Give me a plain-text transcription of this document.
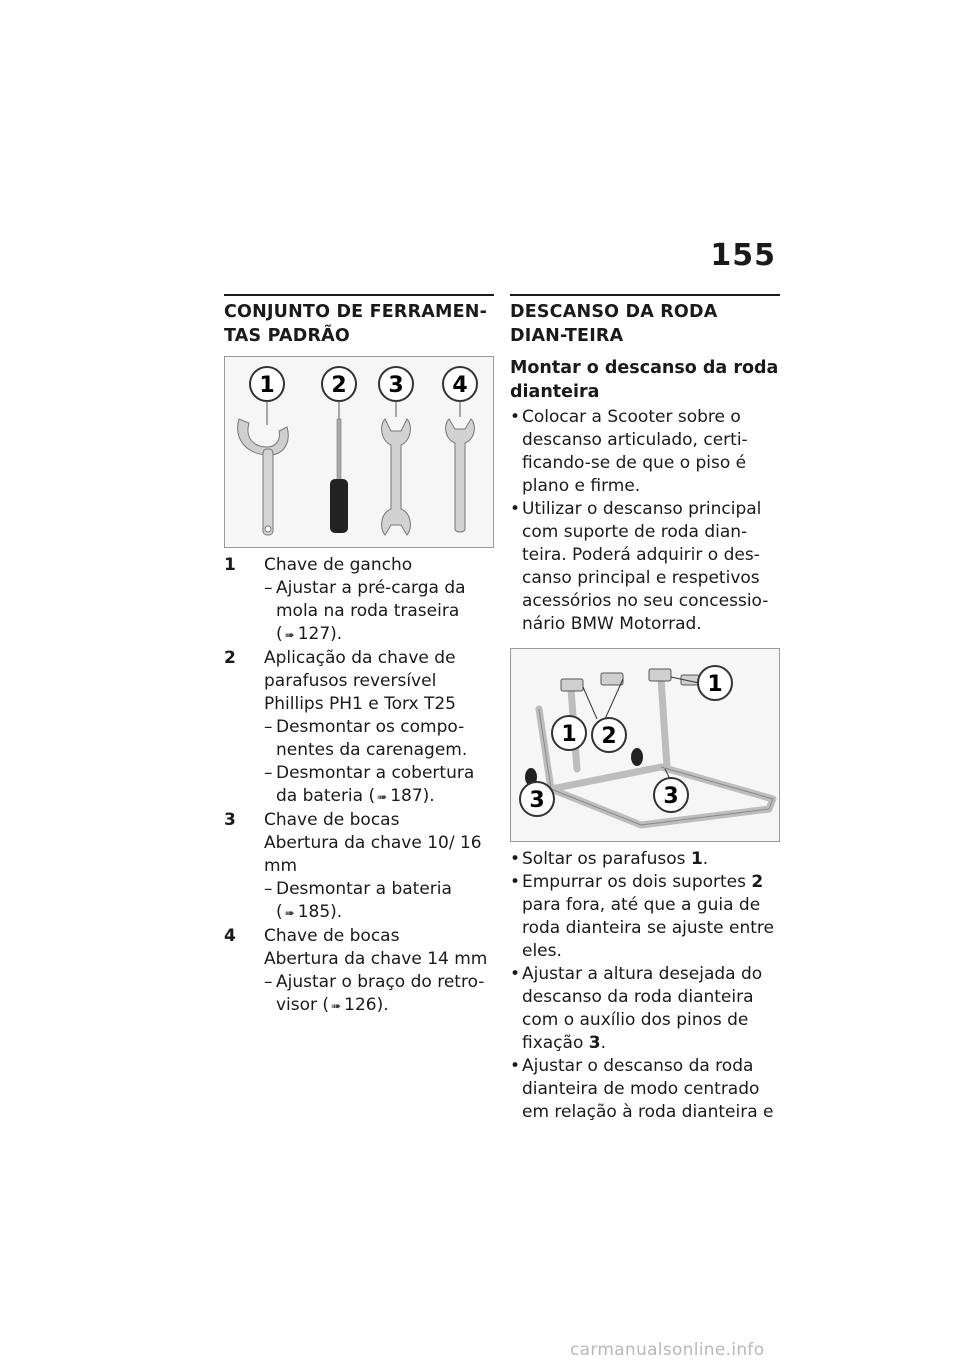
155
CONJUNTO DE FERRAMEN-TAS PADRÃO
1	2 3 4
1	Chave de gancho
– Ajustar a pré-carga da mola na roda traseira
( ➠ 127).
2	Aplicação da chave de parafusos reversível Phillips PH1 e Torx T25
– Desmontar os compo-nentes da carenagem.
– Desmontar a cobertura da bateria ( ➠ 187).
3	Chave de bocas
Abertura da chave 10/ 16 mm
– Desmontar a bateria
( ➠ 185).
4	Chave de bocas
Abertura da chave 14 mm
– Ajustar o braço do retro-visor ( ➠ 126).
DESCANSO DA RODA DIAN-TEIRA
Montar o descanso da roda dianteira
• Colocar a Scooter sobre o descanso articulado, certi-ficando-se de que o piso é plano e firme.
• Utilizar o descanso principal com suporte de roda dian-teira. Poderá adquirir o des-canso principal e respetivos acessórios no seu concessio-nário BMW Motorrad.
1
1 2
3	3
• Soltar os parafusos 1.
• Empurrar os dois suportes 2 para fora, até que a guia de roda dianteira se ajuste entre eles.
• Ajustar a altura desejada do descanso da roda dianteira com o auxílio dos pinos de fixação 3.
• Ajustar o descanso da roda dianteira de modo centrado em relação à roda dianteira e
carmanualsonline.info
